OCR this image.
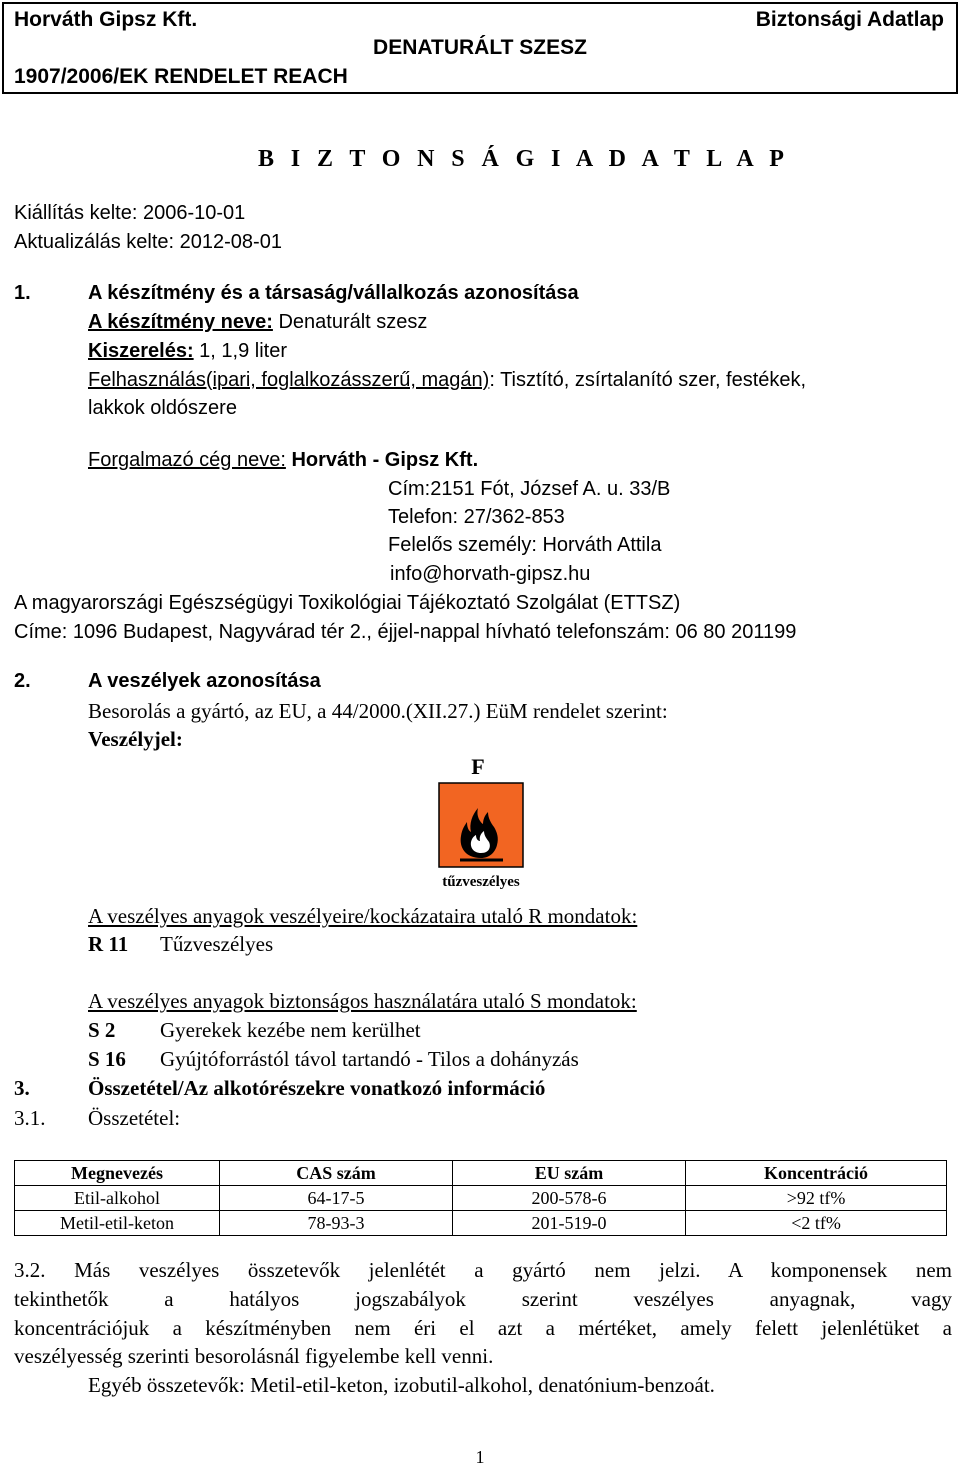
Horváth Gipsz Kft.	Biztonsági Adatlap
DENATURÁLT SZESZ
1907/2006/EK RENDELET REACH
B I Z T O N S Á G I A D A T L A P
Kiállítás kelte: 2006-10-01
Aktualizálás kelte: 2012-08-01
1.	A készítmény és a társaság/vállalkozás azonosítása
A készítmény neve: Denaturált szesz
Kiszerelés: 1, 1,9 liter
Felhasználás(ipari, foglalkozásszerű, magán): Tisztító, zsírtalanító szer, festékek,
lakkok oldószere
Forgalmazó cég neve: Horváth - Gipsz Kft.
Cím:2151 Fót, József A. u. 33/B
Telefon: 27/362-853
Felelős személy: Horváth Attila
info@horvath-gipsz.hu
A magyarországi Egészségügyi Toxikológiai Tájékoztató Szolgálat (ETTSZ)
Címe: 1096 Budapest, Nagyvárad tér 2., éjjel-nappal hívható telefonszám: 06 80 201199
2.	A veszélyek azonosítása
Besorolás a gyártó, az EU, a 44/2000.(XII.27.) EüM rendelet szerint:
Veszélyjel:
F
tűzveszélyes
A veszélyes anyagok veszélyeire/kockázataira utaló R mondatok:
R 11 Tűzveszélyes
A veszélyes anyagok biztonságos használatára utaló S mondatok:
S 2 Gyerekek kezébe nem kerülhet
S 16 Gyújtóforrástól távol tartandó - Tilos a dohányzás
3.	Összetétel/Az alkotórészekre vonatkozó információ
3.1. Összetétel:
Megnevezés	CAS szám	EU szám	Koncentráció
Etil-alkohol	64-17-5	200-578-6	>92 tf%
Metil-etil-keton	78-93-3	201-519-0	<2 tf%
3.2. Más veszélyes összetevők jelenlétét a gyártó nem jelzi. A komponensek nem
tekinthetők a hatályos jogszabályok szerint veszélyes anyagnak, vagy
koncentrációjuk a készítményben nem éri el azt a mértéket, amely felett jelenlétüket a
veszélyesség szerinti besorolásnál figyelembe kell venni.
Egyéb összetevők: Metil-etil-keton, izobutil-alkohol, denatónium-benzoát.
1
